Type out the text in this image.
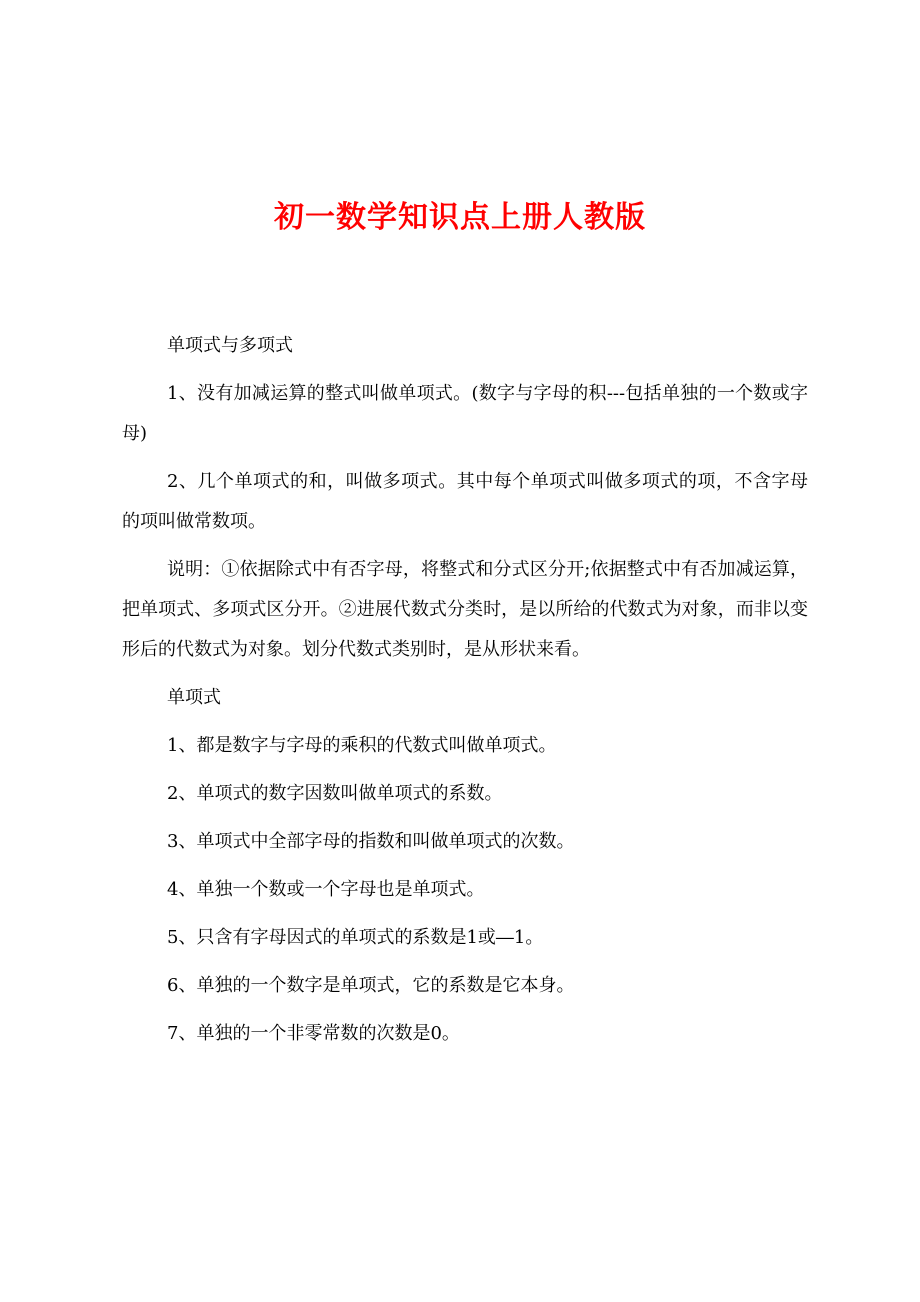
初一数学知识点上册人教版

单项式与多项式

1、没有加减运算的整式叫做单项式。(数字与字母的积---包括单独的一个数或字母)

2、几个单项式的和，叫做多项式。其中每个单项式叫做多项式的项，不含字母的项叫做常数项。

说明：①依据除式中有否字母，将整式和分式区分开;依据整式中有否加减运算，把单项式、多项式区分开。②进展代数式分类时，是以所给的代数式为对象，而非以变形后的代数式为对象。划分代数式类别时，是从形状来看。

单项式

1、都是数字与字母的乘积的代数式叫做单项式。

2、单项式的数字因数叫做单项式的系数。

3、单项式中全部字母的指数和叫做单项式的次数。

4、单独一个数或一个字母也是单项式。

5、只含有字母因式的单项式的系数是1或―1。

6、单独的一个数字是单项式，它的系数是它本身。

7、单独的一个非零常数的次数是0。
